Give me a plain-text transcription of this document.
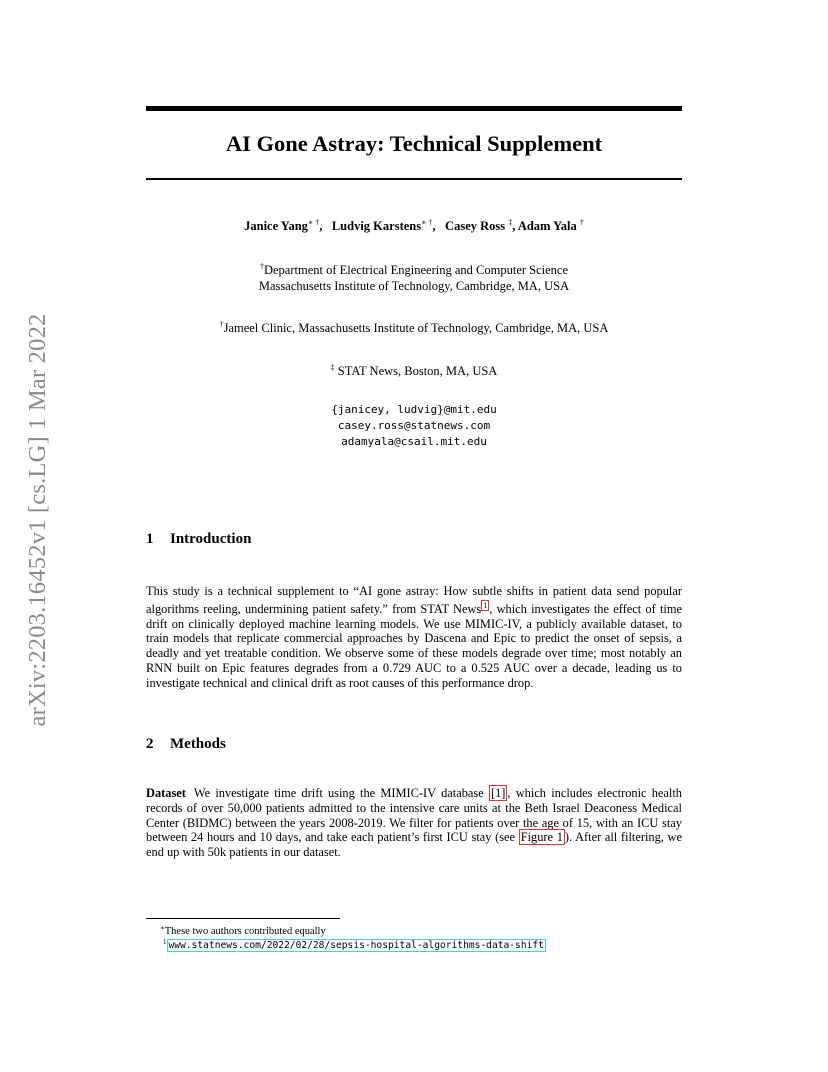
arXiv:2203.16452v1 [cs.LG] 1 Mar 2022
AI Gone Astray: Technical Supplement
Janice Yang∗ †,   Ludvig Karstens∗ †,   Casey Ross ‡, Adam Yala †
†Department of Electrical Engineering and Computer Science
Massachusetts Institute of Technology, Cambridge, MA, USA
†Jameel Clinic, Massachusetts Institute of Technology, Cambridge, MA, USA
‡ STAT News, Boston, MA, USA
{janicey, ludvig}@mit.edu
casey.ross@statnews.com
adamyala@csail.mit.edu
1 Introduction
This study is a technical supplement to “AI gone astray: How subtle shifts in patient data send popular algorithms reeling, undermining patient safety.” from STAT News $^1$ , which investigates the effect of time drift on clinically deployed machine learning models. We use MIMIC-IV, a publicly available dataset, to train models that replicate commercial approaches by Dascena and Epic to predict the onset of sepsis, a deadly and yet treatable condition. We observe some of these models degrade over time; most notably an RNN built on Epic features degrades from a 0.729 AUC to a 0.525 AUC over a decade, leading us to investigate technical and clinical drift as root causes of this performance drop.
2 Methods
Dataset We investigate time drift using the MIMIC-IV database [1] , which includes electronic health records of over 50,000 patients admitted to the intensive care units at the Beth Israel Deaconess Medical Center (BIDMC) between the years 2008-2019. We filter for patients over the age of 15, with an ICU stay between 24 hours and 10 days, and take each patient’s first ICU stay (see Figure 1 ). After all filtering, we end up with 50k patients in our dataset.
∗These two authors contributed equally
$^1$ www.statnews.com/2022/02/28/sepsis-hospital-algorithms-data-shift
